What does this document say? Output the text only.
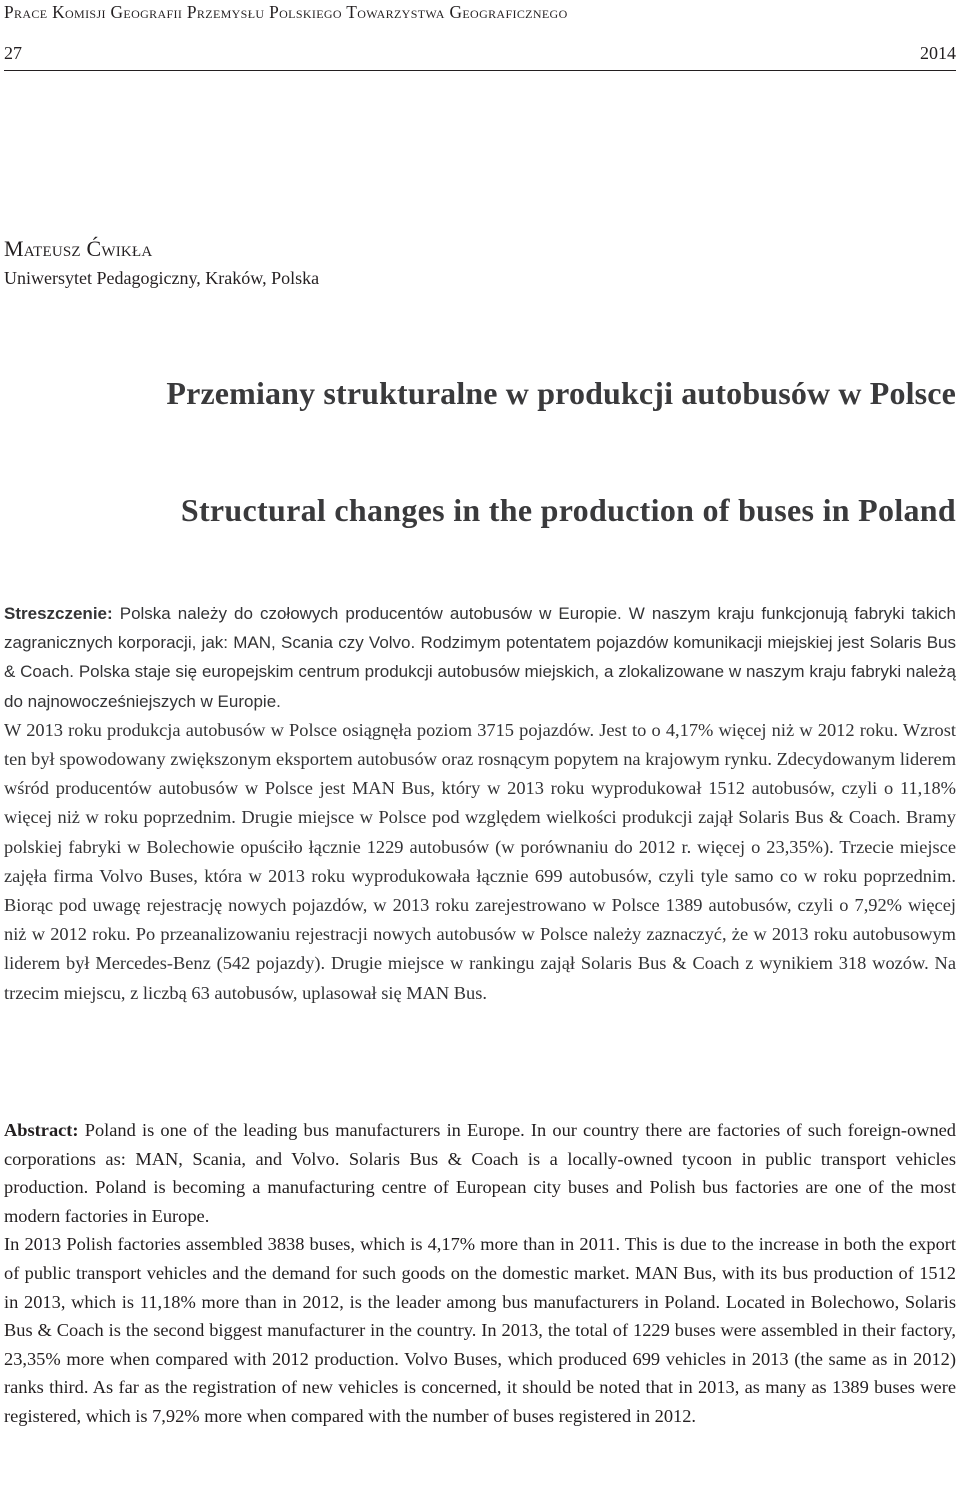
Prace Komisji Geografii Przemysłu Polskiego Towarzystwa Geograficznego
27	2014
Mateusz Ćwikła
Uniwersytet Pedagogiczny, Kraków, Polska
Przemiany strukturalne w produkcji autobusów w Polsce
Structural changes in the production of buses in Poland

Streszczenie: Polska należy do czołowych producentów autobusów w Europie. W naszym kraju funkcjonują fabryki takich zagranicznych korporacji, jak: MAN, Scania czy Volvo. Rodzimym potentatem pojazdów komunikacji miejskiej jest Solaris Bus & Coach. Polska staje się europejskim centrum produkcji autobusów miejskich, a zlokalizowane w naszym kraju fabryki należą do najnowocześniejszych w Europie.

W 2013 roku produkcja autobusów w Polsce osiągnęła poziom 3715 pojazdów. Jest to o 4,17% więcej niż w 2012 roku. Wzrost ten był spowodowany zwiększonym eksportem autobusów oraz rosnącym popytem na krajowym rynku. Zdecydowanym liderem wśród producentów autobusów w Polsce jest MAN Bus, który w 2013 roku wyprodukował 1512 autobusów, czyli o 11,18% więcej niż w roku poprzednim. Drugie miejsce w Polsce pod względem wielkości produkcji zajął Solaris Bus & Coach. Bramy polskiej fabryki w Bolechowie opuściło łącznie 1229 autobusów (w porównaniu do 2012 r. więcej o 23,35%). Trzecie miejsce zajęła firma Volvo Buses, która w 2013 roku wyprodukowała łącznie 699 autobusów, czyli tyle samo co w roku poprzednim. Biorąc pod uwagę rejestrację nowych pojazdów, w 2013 roku zarejestrowano w Polsce 1389 autobusów, czyli o 7,92% więcej niż w 2012 roku. Po przeanalizowaniu rejestracji nowych autobusów w Polsce należy zaznaczyć, że w 2013 roku autobusowym liderem był Mercedes-Benz (542 pojazdy). Drugie miejsce w rankingu zajął Solaris Bus & Coach z wynikiem 318 wozów. Na trzecim miejscu, z liczbą 63 autobusów, uplasował się MAN Bus.

Abstract: Poland is one of the leading bus manufacturers in Europe. In our country there are factories of such foreign-owned corporations as: MAN, Scania, and Volvo. Solaris Bus & Coach is a locally-owned tycoon in public transport vehicles production. Poland is becoming a manufacturing centre of European city buses and Polish bus factories are one of the most modern factories in Europe.

In 2013 Polish factories assembled 3838 buses, which is 4,17% more than in 2011. This is due to the increase in both the export of public transport vehicles and the demand for such goods on the domestic market. MAN Bus, with its bus production of 1512 in 2013, which is 11,18% more than in 2012, is the leader among bus manufacturers in Poland. Located in Bolechowo, Solaris Bus & Coach is the second biggest manufacturer in the country. In 2013, the total of 1229 buses were assembled in their factory, 23,35% more when compared with 2012 production. Volvo Buses, which produced 699 vehicles in 2013 (the same as in 2012) ranks third. As far as the registration of new vehicles is concerned, it should be noted that in 2013, as many as 1389 buses were registered, which is 7,92% more when compared with the number of buses registered in 2012.
